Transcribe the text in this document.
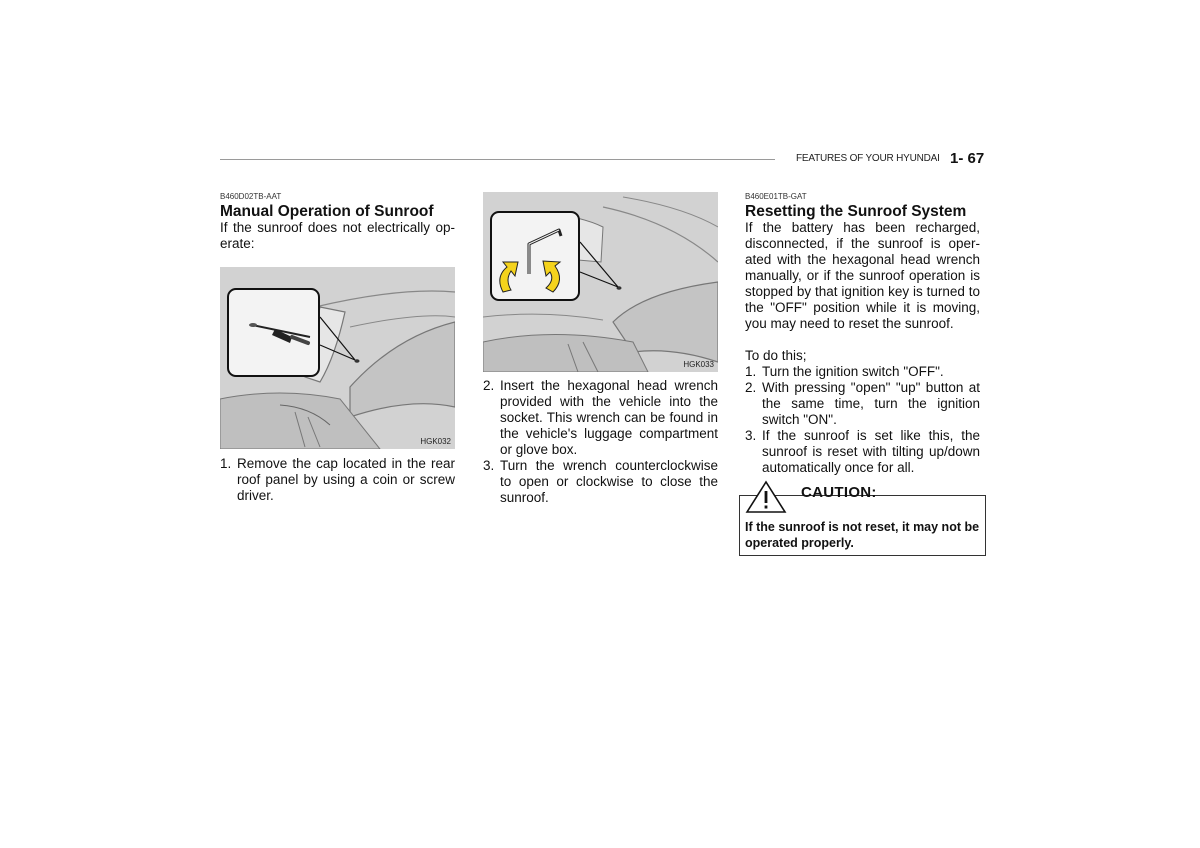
FEATURES OF YOUR HYUNDAI 1- 67
B460D02TB-AAT
Manual Operation of Sunroof

If the sunroof does not electrically op-erate:

HGK032
1. Remove the cap located in the rear roof panel by using a coin or screw driver.
HGK033
2. Insert the hexagonal head wrench provided with the vehicle into the socket. This wrench can be found in the vehicle's luggage compartment or glove box.
3. Turn the wrench counterclockwise to open or clockwise to close the sunroof.
B460E01TB-GAT
Resetting the Sunroof System

If the battery has been recharged, disconnected, if the sunroof is oper-ated with the hexagonal head wrench manually, or if the sunroof operation is stopped by that ignition key is turned to the "OFF" position while it is moving, you may need to reset the sunroof.

To do this;

1. Turn the ignition switch "OFF".
2. With pressing "open" "up" button at the same time, turn the ignition switch "ON".
3. If the sunroof is set like this, the sunroof is reset with tilting up/down automatically once for all.
CAUTION:
If the sunroof is not reset, it may not be operated properly.
